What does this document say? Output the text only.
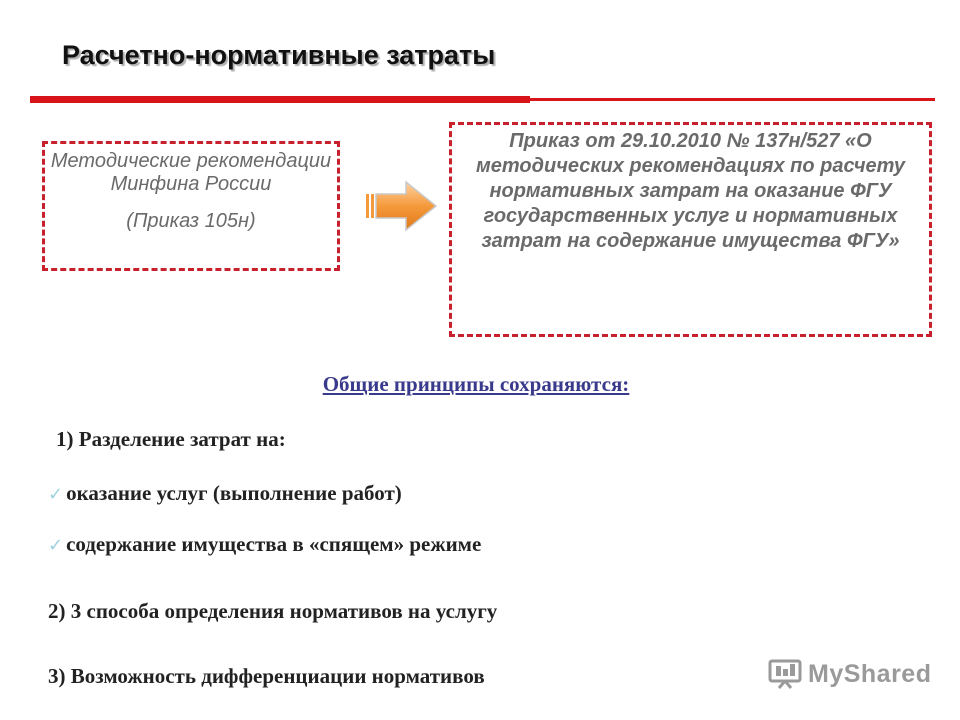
Расчетно-нормативные затраты
Методические рекомендации Минфина России
(Приказ 105н)
Приказ от 29.10.2010 № 137н/527 «О методических рекомендациях по расчету нормативных затрат на оказание ФГУ государственных услуг и нормативных затрат на содержание имущества ФГУ»
Общие принципы сохраняются:
1) Разделение затрат на:
✓ оказание услуг (выполнение работ)
✓ содержание имущества в «спящем» режиме
2) 3 способа определения нормативов на услугу
3) Возможность дифференциации нормативов	MyShared
